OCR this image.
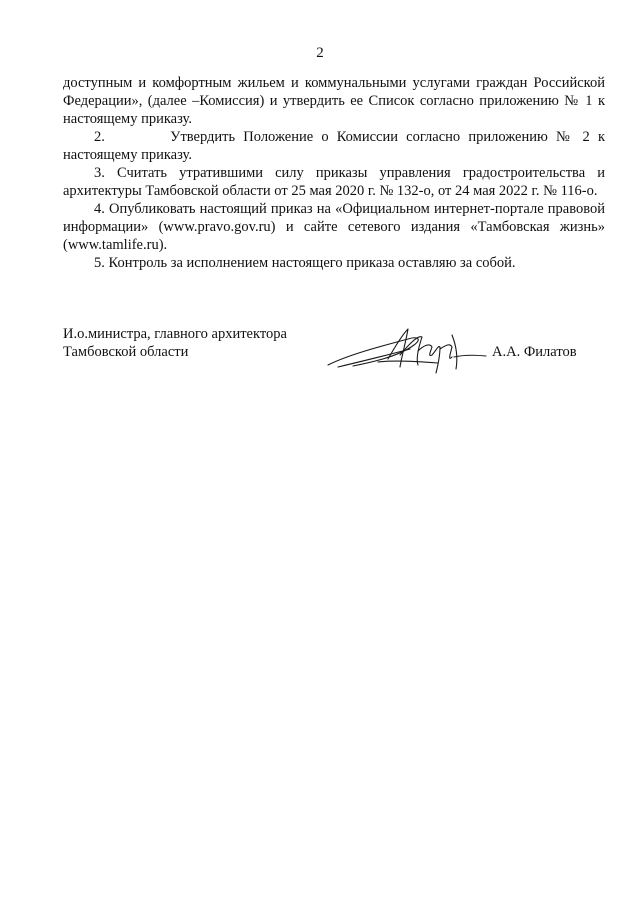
2

доступным и комфортным жильем и коммунальными услугами граждан Российской Федерации», (далее –Комиссия) и утвердить ее Список согласно приложению № 1 к настоящему приказу.

2.        Утвердить Положение о Комиссии согласно приложению № 2 к настоящему приказу.

3. Считать утратившими силу приказы управления градостроительства и архитектуры Тамбовской области от 25 мая 2020 г. № 132-о, от 24 мая 2022 г. № 116-о.

4. Опубликовать настоящий приказ на «Официальном интернет-портале правовой информации» (www.pravo.gov.ru) и сайте сетевого издания «Тамбовская жизнь» (www.tamlife.ru).

5. Контроль за исполнением настоящего приказа оставляю за собой.

И.о.министра, главного архитектора
Тамбовской области	А.А. Филатов
